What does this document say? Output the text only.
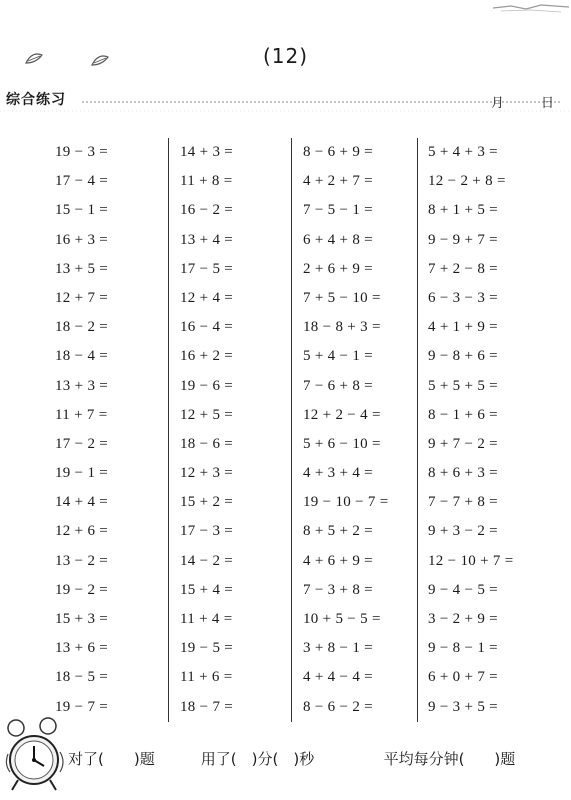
(12)
综合练习	月	日
19 − 3 =
17 − 4 =
15 − 1 =
16 + 3 =
13 + 5 =
12 + 7 =
18 − 2 =
18 − 4 =
13 + 3 =
11 + 7 =
17 − 2 =
19 − 1 =
14 + 4 =
12 + 6 =
13 − 2 =
19 − 2 =
15 + 3 =
13 + 6 =
18 − 5 =
19 − 7 =
14 + 3 =
11 + 8 =
16 − 2 =
13 + 4 =
17 − 5 =
12 + 4 =
16 − 4 =
16 + 2 =
19 − 6 =
12 + 5 =
18 − 6 =
12 + 3 =
15 + 2 =
17 − 3 =
14 − 2 =
15 + 4 =
11 + 4 =
19 − 5 =
11 + 6 =
18 − 7 =
8 − 6 + 9 =
4 + 2 + 7 =
7 − 5 − 1 =
6 + 4 + 8 =
2 + 6 + 9 =
7 + 5 − 10 =
18 − 8 + 3 =
5 + 4 − 1 =
7 − 6 + 8 =
12 + 2 − 4 =
5 + 6 − 10 =
4 + 3 + 4 =
19 − 10 − 7 =
8 + 5 + 2 =
4 + 6 + 9 =
7 − 3 + 8 =
10 + 5 − 5 =
3 + 8 − 1 =
4 + 4 − 4 =
8 − 6 − 2 =
5 + 4 + 3 =
12 − 2 + 8 =
8 + 1 + 5 =
9 − 9 + 7 =
7 + 2 − 8 =
6 − 3 − 3 =
4 + 1 + 9 =
9 − 8 + 6 =
5 + 5 + 5 =
8 − 1 + 6 =
9 + 7 − 2 =
8 + 6 + 3 =
7 − 7 + 8 =
9 + 3 − 2 =
12 − 10 + 7 =
9 − 4 − 5 =
3 − 2 + 9 =
9 − 8 − 1 =
6 + 0 + 7 =
9 − 3 + 5 =
对了(　　)题	用了(　)分(　)秒	平均每分钟(　　)题
